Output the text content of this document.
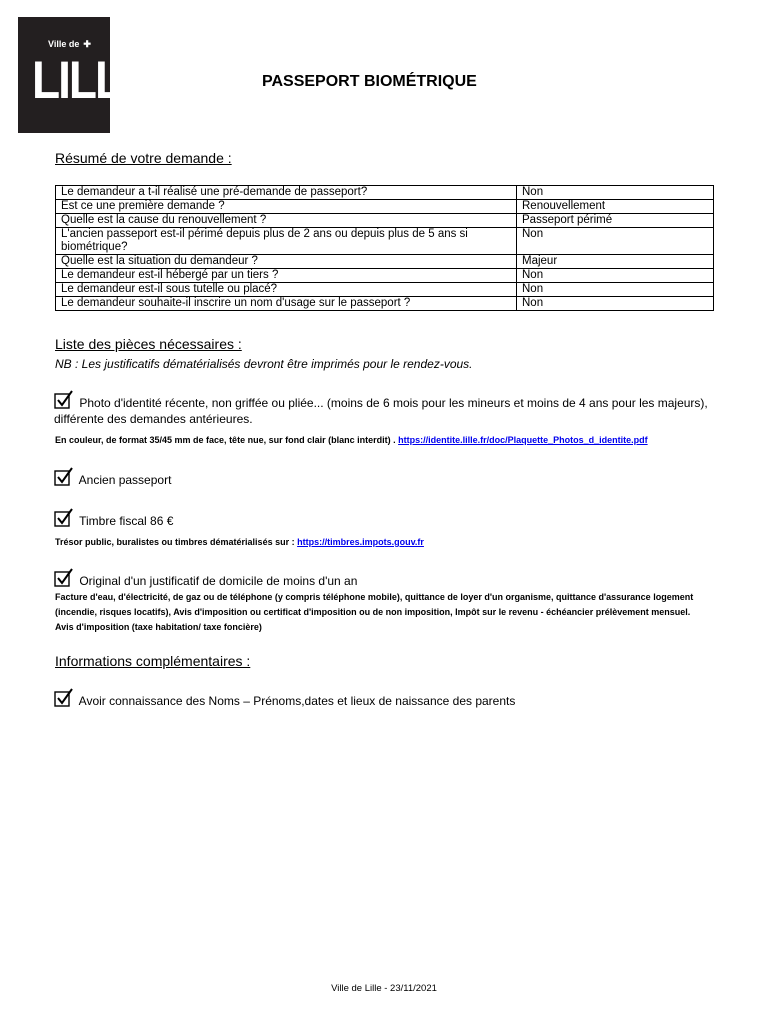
Ville de ✚
LILLE	PASSEPORT BIOMÉTRIQUE
Résumé de votre demande :
Le demandeur a t-il réalisé une pré-demande de passeport?	Non
Est ce une première demande ?	Renouvellement
Quelle est la cause du renouvellement ?	Passeport périmé
L'ancien passeport est-il périmé depuis plus de 2 ans ou depuis plus de 5 ans si biométrique?	Non
Quelle est la situation du demandeur ?	Majeur
Le demandeur est-il hébergé par un tiers ?	Non
Le demandeur est-il sous tutelle ou placé?	Non
Le demandeur souhaite-il inscrire un nom d'usage sur le passeport ?	Non
Liste des pièces nécessaires :
NB : Les justificatifs dématérialisés devront être imprimés pour le rendez-vous.
Photo d'identité récente, non griffée ou pliée... (moins de 6 mois pour les mineurs et moins de 4 ans pour les majeurs), différente des demandes antérieures.
En couleur, de format 35/45 mm de face, tête nue, sur fond clair (blanc interdit) . https://identite.lille.fr/doc/Plaquette_Photos_d_identite.pdf
Ancien passeport
Timbre fiscal 86 €
Trésor public, buralistes ou timbres dématérialisés sur : https://timbres.impots.gouv.fr
Original d'un justificatif de domicile de moins d'un an
Facture d'eau, d'électricité, de gaz ou de téléphone (y compris téléphone mobile), quittance de loyer d'un organisme, quittance d'assurance logement (incendie, risques locatifs), Avis d'imposition ou certificat d'imposition ou de non imposition, Impôt sur le revenu - échéancier prélèvement mensuel. Avis d'imposition (taxe habitation/ taxe foncière)
Informations complémentaires :
Avoir connaissance des Noms – Prénoms,dates et lieux de naissance des parents
Ville de Lille - 23/11/2021
